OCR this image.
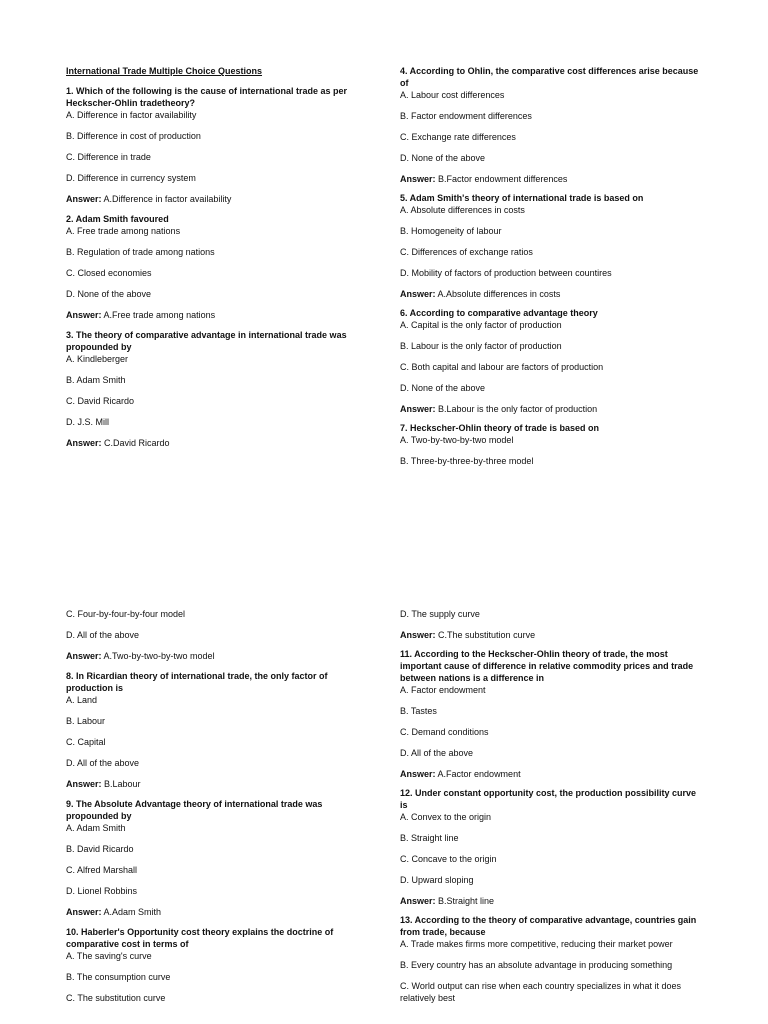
International Trade Multiple Choice Questions
1. Which of the following is the cause of international trade as per Heckscher-Ohlin tradetheory?
A. Difference in factor availability
B. Difference in cost of production
C. Difference in trade
D. Difference in currency system
Answer: A.Difference in factor availability
2. Adam Smith favoured
A. Free trade among nations
B. Regulation of trade among nations
C. Closed economies
D. None of the above
Answer: A.Free trade among nations
3. The theory of comparative advantage in international trade was propounded by
A. Kindleberger
B. Adam Smith
C. David Ricardo
D. J.S. Mill
Answer: C.David Ricardo
4. According to Ohlin, the comparative cost differences arise because of
A. Labour cost differences
B. Factor endowment differences
C. Exchange rate differences
D. None of the above
Answer: B.Factor endowment differences
5. Adam Smith's theory of international trade is based on
A. Absolute differences in costs
B. Homogeneity of labour
C. Differences of exchange ratios
D. Mobility of factors of production between countires
Answer: A.Absolute differences in costs
6. According to comparative advantage theory
A. Capital is the only factor of production
B. Labour is the only factor of production
C. Both capital and labour are factors of production
D. None of the above
Answer: B.Labour is the only factor of production
7. Heckscher-Ohlin theory of trade is based on
A. Two-by-two-by-two model
B. Three-by-three-by-three model
C. Four-by-four-by-four model
D. All of the above
Answer: A.Two-by-two-by-two model
8. In Ricardian theory of international trade, the only factor of production is
A. Land
B. Labour
C. Capital
D. All of the above
Answer: B.Labour
9. The Absolute Advantage theory of international trade was propounded by
A. Adam Smith
B. David Ricardo
C. Alfred Marshall
D. Lionel Robbins
Answer: A.Adam Smith
10. Haberler's Opportunity cost theory explains the doctrine of comparative cost in terms of
A. The saving's curve
B. The consumption curve
C. The substitution curve
D. The supply curve
Answer: C.The substitution curve
11. According to the Heckscher-Ohlin theory of trade, the most important cause of difference in relative commodity prices and trade between nations is a difference in
A. Factor endowment
B. Tastes
C. Demand conditions
D. All of the above
Answer: A.Factor endowment
12. Under constant opportunity cost, the production possibility curve is
A. Convex to the origin
B. Straight line
C. Concave to the origin
D. Upward sloping
Answer: B.Straight line
13. According to the theory of comparative advantage, countries gain from trade, because
A. Trade makes firms more competitive, reducing their market power
B. Every country has an absolute advantage in producing something
C. World output can rise when each country specializes in what it does relatively best
